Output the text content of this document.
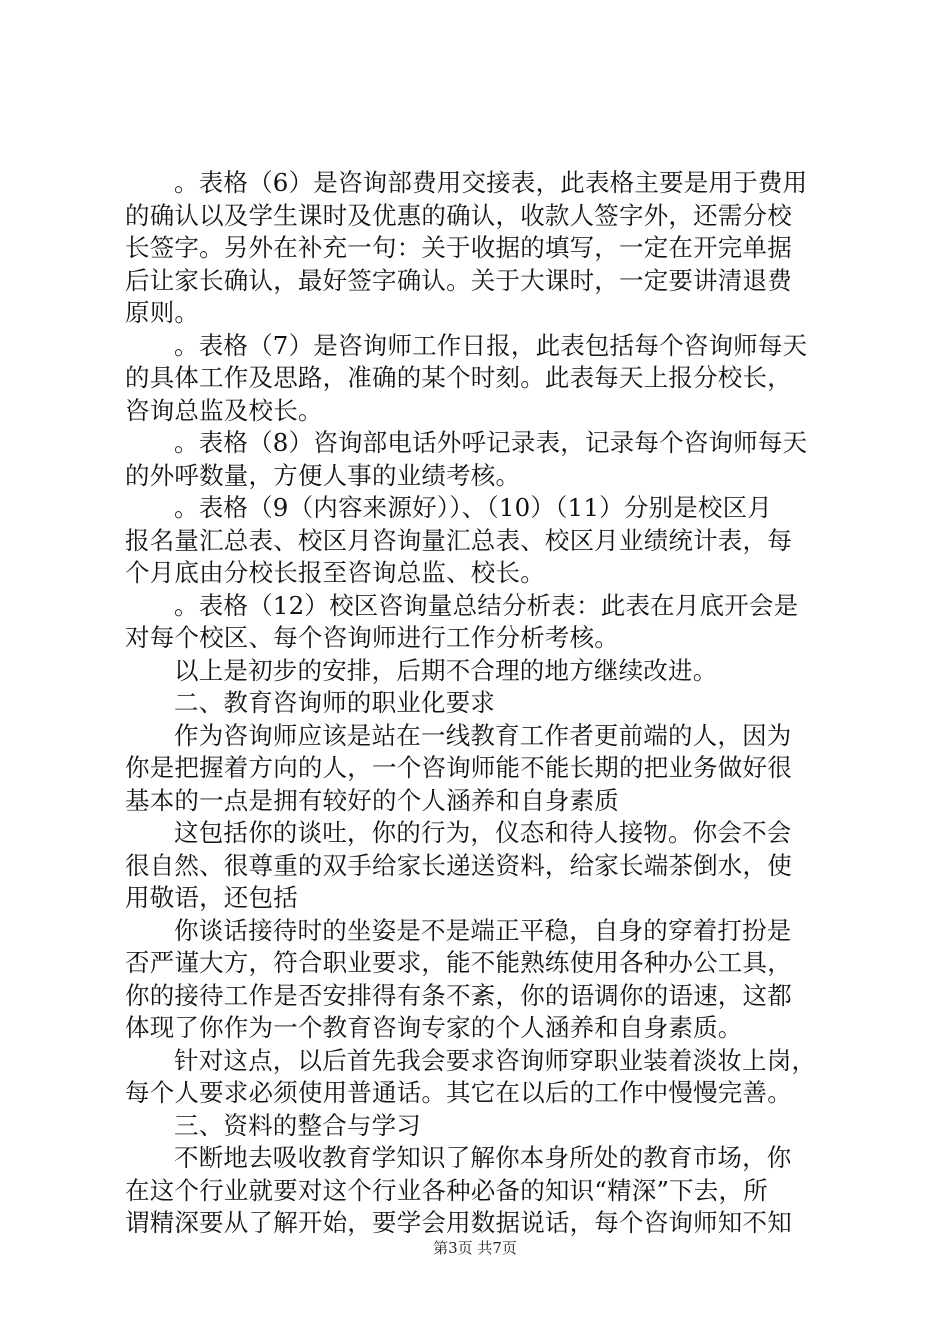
。表格（6）是咨询部费用交接表，此表格主要是用于费用
的确认以及学生课时及优惠的确认，收款人签字外，还需分校
长签字。另外在补充一句：关于收据的填写，一定在开完单据
后让家长确认，最好签字确认。关于大课时，一定要讲清退费
原则。

。表格（7）是咨询师工作日报，此表包括每个咨询师每天
的具体工作及思路，准确的某个时刻。此表每天上报分校长，
咨询总监及校长。

。表格（8）咨询部电话外呼记录表，记录每个咨询师每天
的外呼数量，方便人事的业绩考核。

。表格（9（内容来源好））、（10）（11）分别是校区月
报名量汇总表、校区月咨询量汇总表、校区月业绩统计表，每
个月底由分校长报至咨询总监、校长。

。表格（12）校区咨询量总结分析表：此表在月底开会是
对每个校区、每个咨询师进行工作分析考核。

以上是初步的安排，后期不合理的地方继续改进。

二、教育咨询师的职业化要求

作为咨询师应该是站在一线教育工作者更前端的人，因为
你是把握着方向的人，一个咨询师能不能长期的把业务做好很
基本的一点是拥有较好的个人涵养和自身素质

这包括你的谈吐，你的行为，仪态和待人接物。你会不会
很自然、很尊重的双手给家长递送资料，给家长端茶倒水，使
用敬语，还包括

你谈话接待时的坐姿是不是端正平稳，自身的穿着打扮是
否严谨大方，符合职业要求，能不能熟练使用各种办公工具，
你的接待工作是否安排得有条不紊，你的语调你的语速，这都
体现了你作为一个教育咨询专家的个人涵养和自身素质。

针对这点，以后首先我会要求咨询师穿职业装着淡妆上岗，
每个人要求必须使用普通话。其它在以后的工作中慢慢完善。

三、资料的整合与学习

不断地去吸收教育学知识了解你本身所处的教育市场，你
在这个行业就要对这个行业各种必备的知识“精深”下去，所
谓精深要从了解开始，要学会用数据说话，每个咨询师知不知

第3页 共7页
